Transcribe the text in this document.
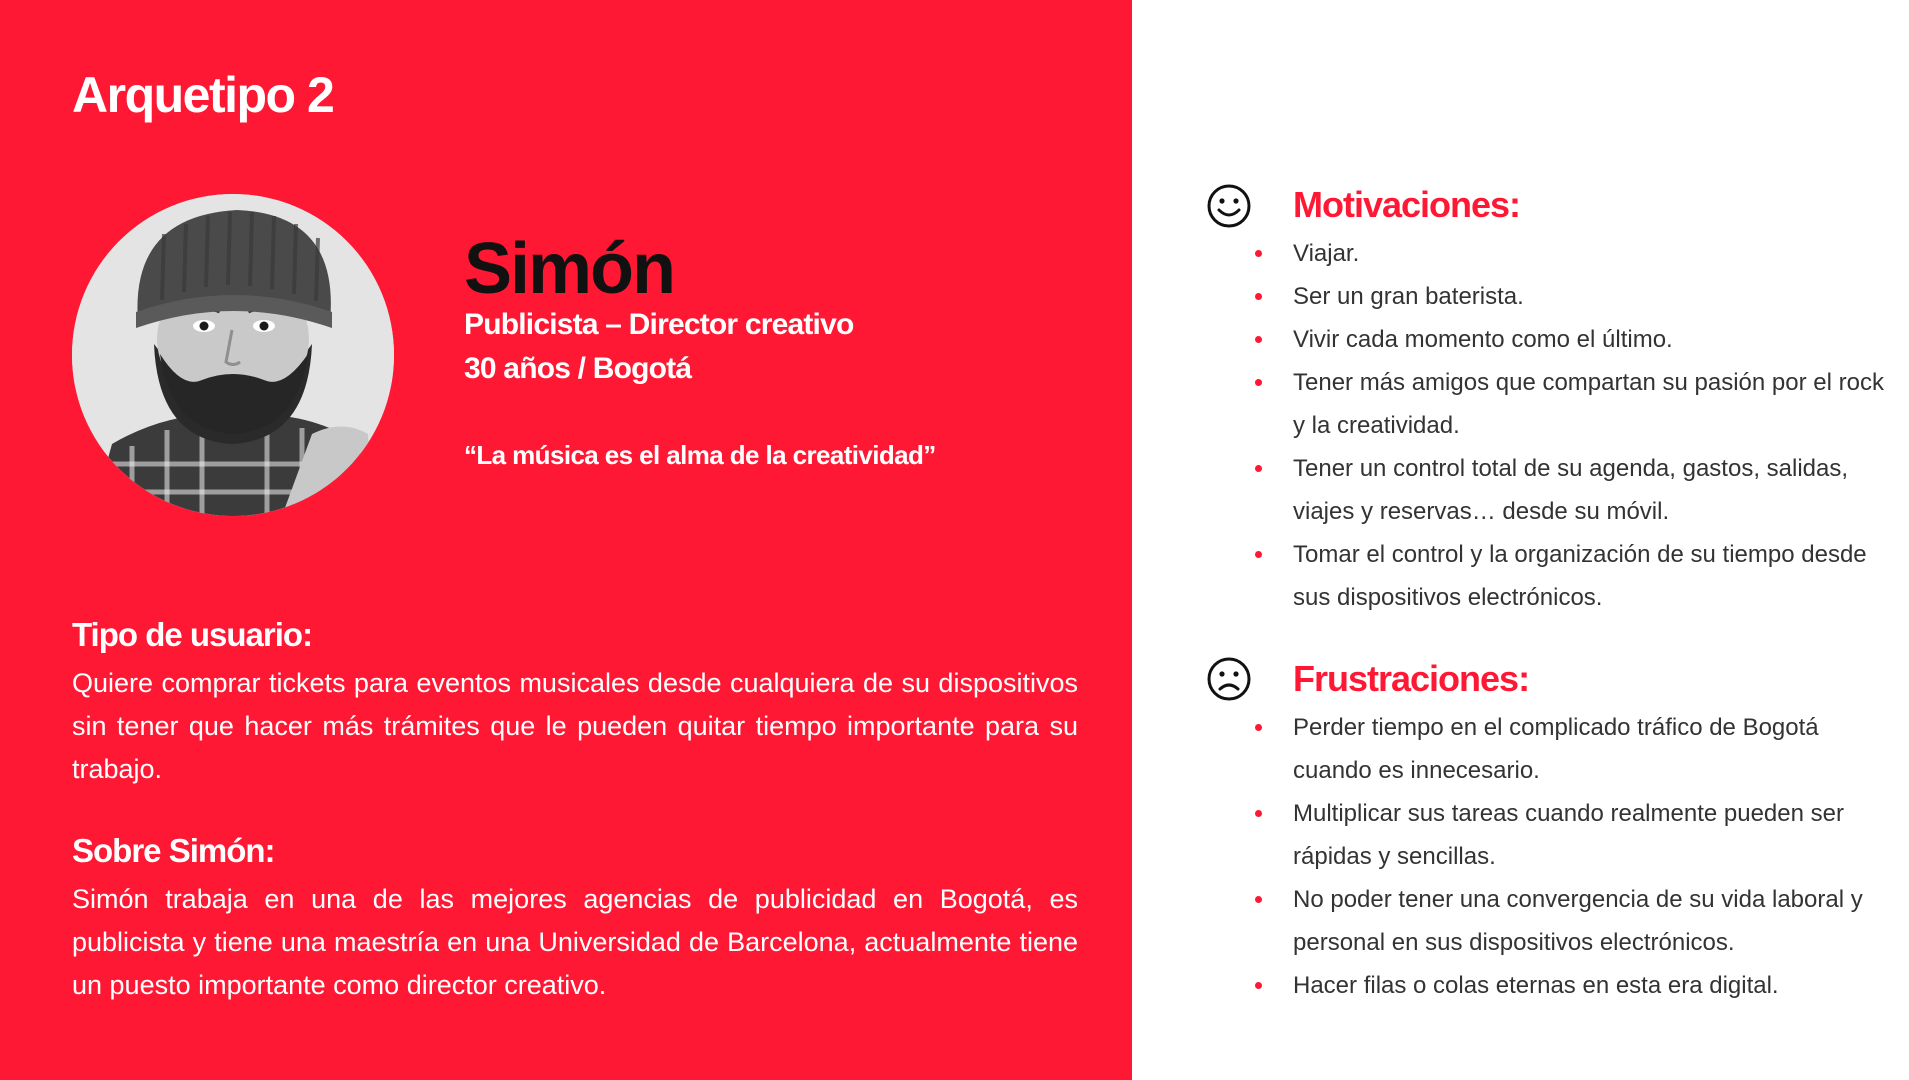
Arquetipo 2
Simón

Publicista – Director creativo

30 años / Bogotá

“La música es el alma de la creatividad”

Tipo de usuario:

Quiere comprar tickets para eventos musicales desde cualquiera de su dispositivos sin tener que hacer más trámites que le pueden quitar tiempo importante para su trabajo.

Sobre Simón:

Simón trabaja en una de las mejores agencias de publicidad en Bogotá, es publicista y tiene una maestría en una Universidad de Barcelona, actualmente tiene un puesto importante como director creativo.

Motivaciones:
Viajar.
Ser un gran baterista.
Vivir cada momento como el último.
Tener más amigos que compartan su pasión por el rock y la creatividad.
Tener un control total de su agenda, gastos, salidas, viajes y reservas… desde su móvil.
Tomar el control y la organización de su tiempo desde sus dispositivos electrónicos.
Frustraciones:
Perder tiempo en el complicado tráfico de Bogotá cuando es innecesario.
Multiplicar sus tareas cuando realmente pueden ser rápidas y sencillas.
No poder tener una convergencia de su vida laboral y personal en sus dispositivos electrónicos.
Hacer filas o colas eternas en esta era digital.
